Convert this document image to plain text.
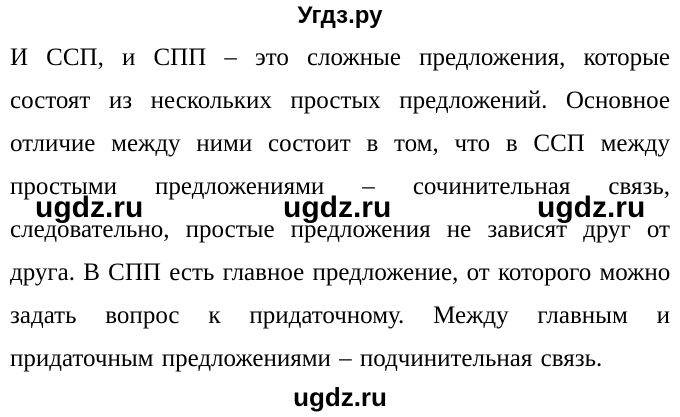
Угдз.ру
И ССП, и СПП – это сложные предложения, которые
состоят из нескольких простых предложений. Основное
отличие между ними состоит в том, что в ССП между
простыми предложениями – сочинительная связь,
следовательно, простые предложения не зависят друг от
друга. В СПП есть главное предложение, от которого можно
задать вопрос к придаточному. Между главным и
придаточным предложениями – подчинительная связь.
ugdz.ru	ugdz.ru	ugdz.ru
ugdz.ru
